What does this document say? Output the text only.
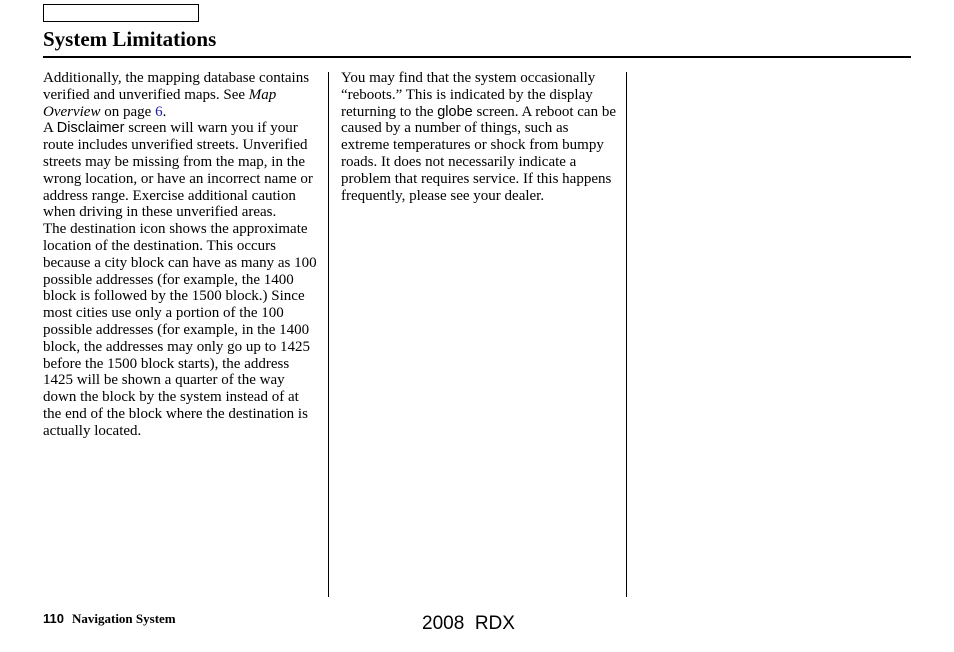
System Limitations

Additionally, the mapping database contains verified and unverified maps. See Map Overview on page 6.

A Disclaimer screen will warn you if your route includes unverified streets. Unverified streets may be missing from the map, in the wrong location, or have an incorrect name or address range. Exercise additional caution when driving in these unverified areas.

The destination icon shows the approximate location of the destination. This occurs because a city block can have as many as 100 possible addresses (for example, the 1400 block is followed by the 1500 block.) Since most cities use only a portion of the 100 possible addresses (for example, in the 1400 block, the addresses may only go up to 1425 before the 1500 block starts), the address 1425 will be shown a quarter of the way down the block by the system instead of at the end of the block where the destination is actually located.

You may find that the system occasionally “reboots.” This is indicated by the display returning to the globe screen. A reboot can be caused by a number of things, such as extreme temperatures or shock from bumpy roads. It does not necessarily indicate a problem that requires service. If this happens frequently, please see your dealer.

110 Navigation System	2008  RDX
